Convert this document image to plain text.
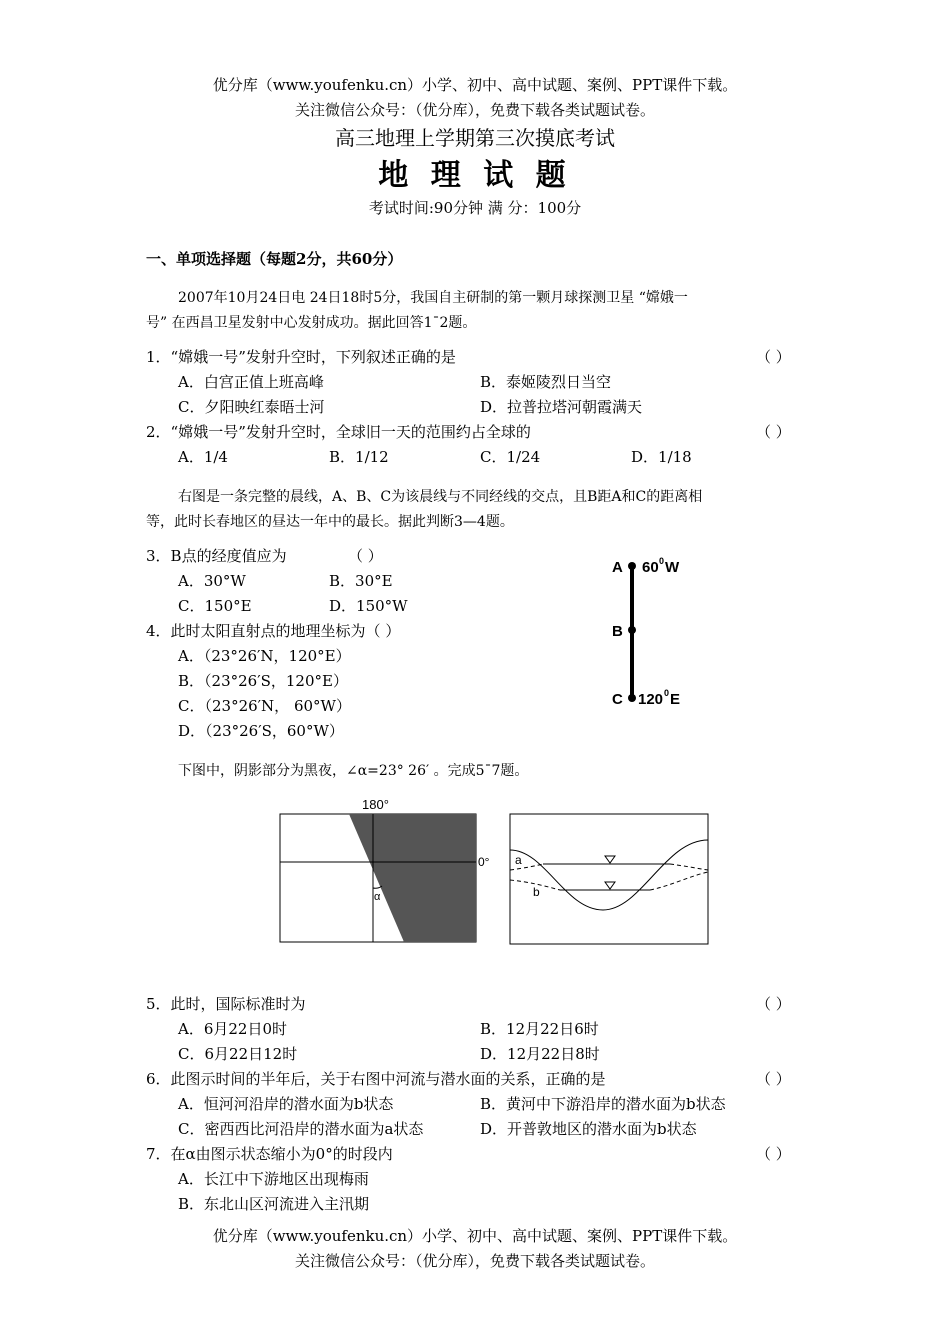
优分库（www.youfenku.cn）小学、初中、高中试题、案例、PPT课件下载。
关注微信公众号：（优分库），免费下载各类试题试卷。
高三地理上学期第三次摸底考试
地 理 试 题
考试时间:90分钟 满 分：100分
一、单项选择题（每题2分，共60分）
2007年10月24日电 24日18时5分，我国自主研制的第一颗月球探测卫星 “嫦娥一
号” 在西昌卫星发射中心发射成功。据此回答1¯2题。
1．“嫦娥一号”发射升空时，下列叙述正确的是	（ ）
A．白宫正值上班高峰	B．泰姬陵烈日当空
C．夕阳映红泰晤士河	D．拉普拉塔河朝霞满天
2．“嫦娥一号”发射升空时，全球旧一天的范围约占全球的	（ ）
A．1/4	B．1/12	C．1/24	D．1/18
右图是一条完整的晨线，A、B、C为该晨线与不同经线的交点，且B距A和C的距离相
等，此时长春地区的昼达一年中的最长。据此判断3—4题。
3．B点的经度值应为	（ ）
A．30°W	B．30°E
C．150°E	D．150°W
4．此时太阳直射点的地理坐标为（ ）
A．（23°26′N，120°E）
B．（23°26′S，120°E）
C．（23°26′N， 60°W）
D．（23°26′S，60°W）
A 60 0 W
B
C 120 0 E
下图中，阴影部分为黑夜，∠α=23° 26′ 。完成5¯7题。
180°
0°
α
a
b
5．此时，国际标准时为	（ ）
A．6月22日0时	B．12月22日6时
C．6月22日12时	D．12月22日8时
6．此图示时间的半年后，关于右图中河流与潜水面的关系，正确的是	（ ）
A．恒河河沿岸的潜水面为b状态	B．黄河中下游沿岸的潜水面为b状态
C．密西西比河沿岸的潜水面为a状态	D．开普敦地区的潜水面为b状态
7．在α由图示状态缩小为0°的时段内	（ ）
A．长江中下游地区出现梅雨
B．东北山区河流进入主汛期
优分库（www.youfenku.cn）小学、初中、高中试题、案例、PPT课件下载。
关注微信公众号：（优分库），免费下载各类试题试卷。
